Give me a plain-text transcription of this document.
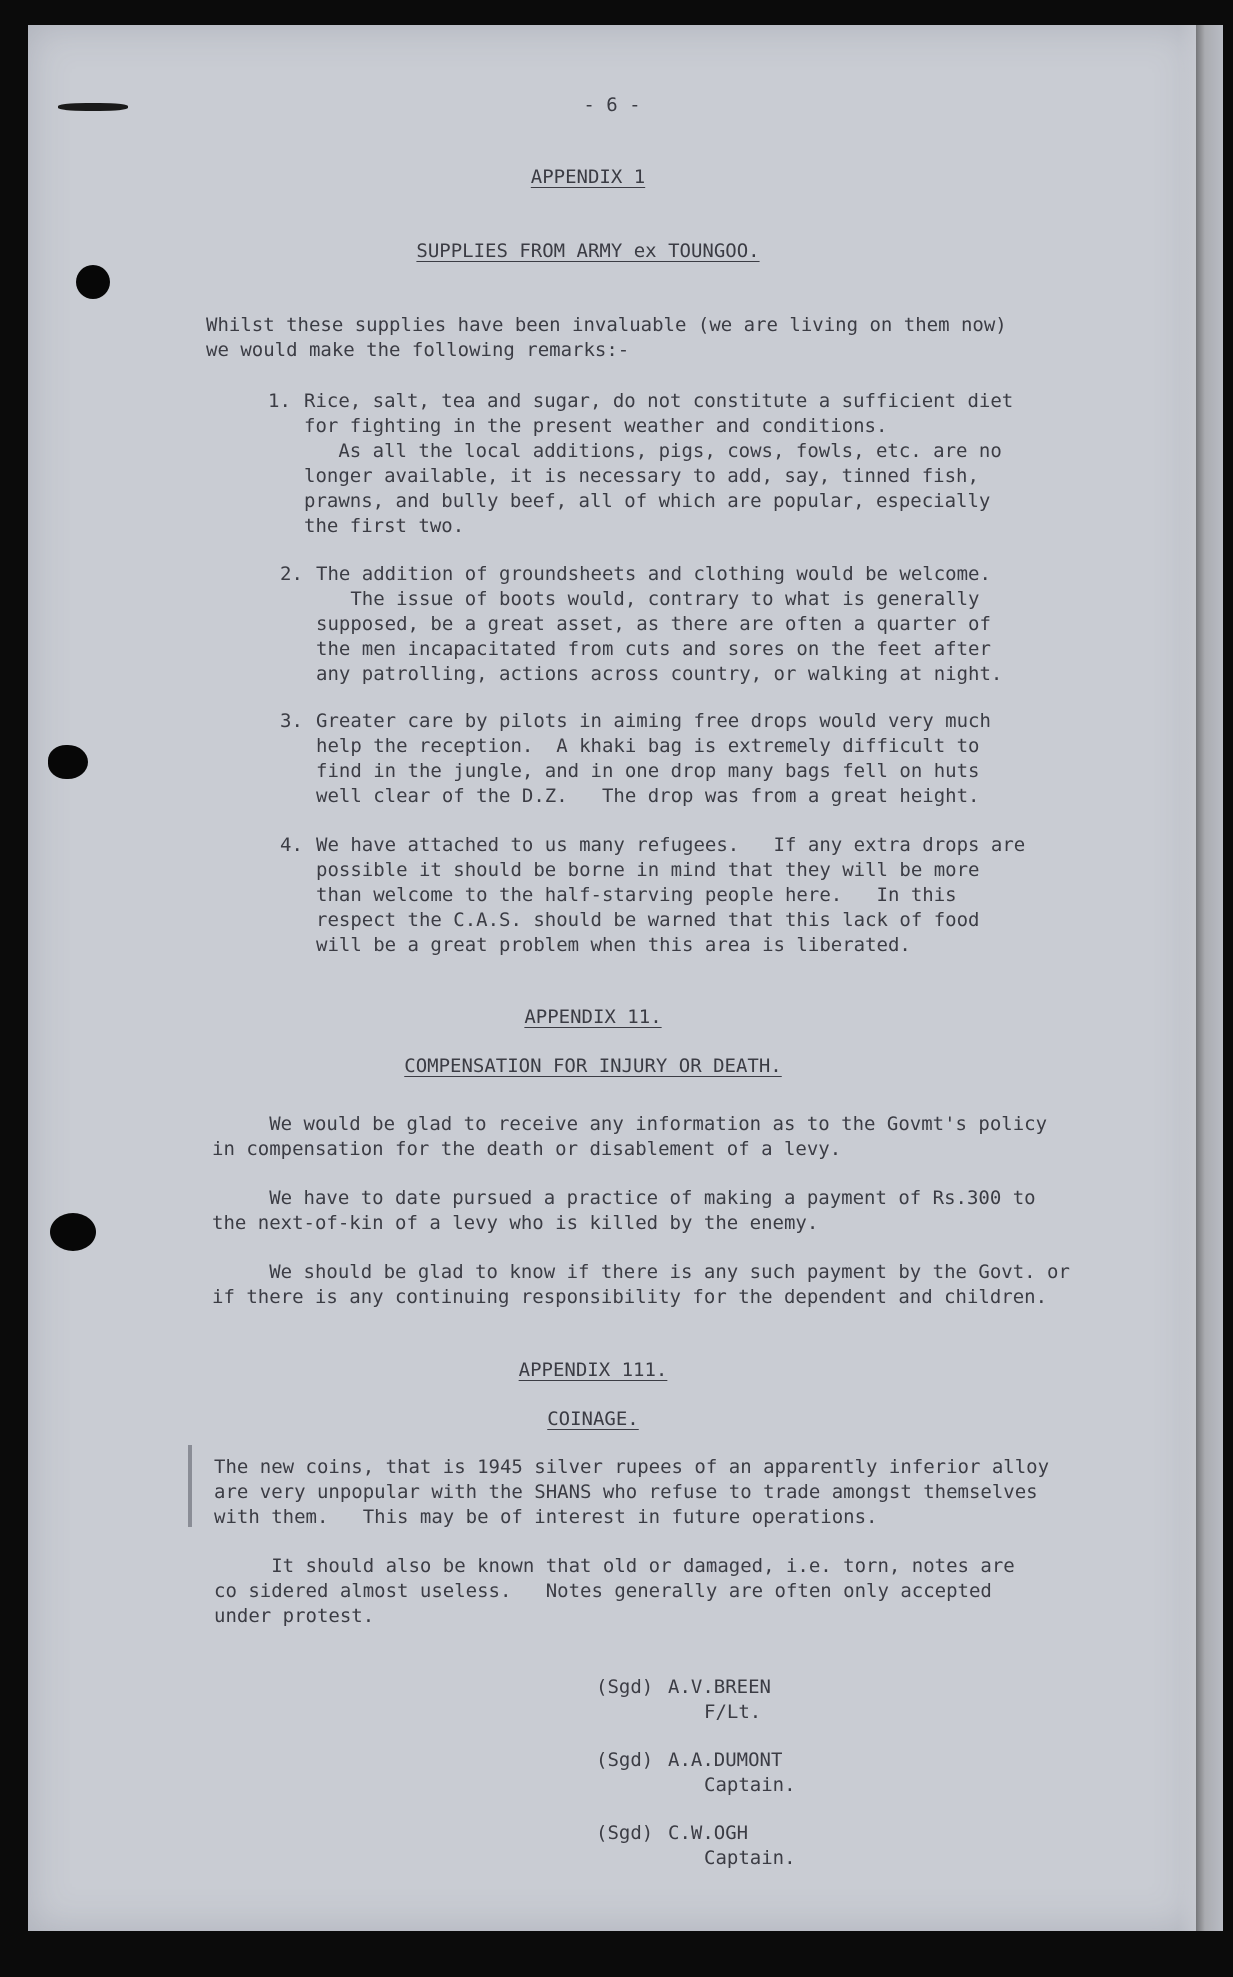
- 6 -
APPENDIX 1
SUPPLIES FROM ARMY ex TOUNGOO.
Whilst these supplies have been invaluable (we are living on them now)
we would make the following remarks:-
1. Rice, salt, tea and sugar, do not constitute a sufficient diet
for fighting in the present weather and conditions.
As all the local additions, pigs, cows, fowls, etc. are no
longer available, it is necessary to add, say, tinned fish,
prawns, and bully beef, all of which are popular, especially
the first two.
2. The addition of groundsheets and clothing would be welcome.
The issue of boots would, contrary to what is generally
supposed, be a great asset, as there are often a quarter of
the men incapacitated from cuts and sores on the feet after
any patrolling, actions across country, or walking at night.
3. Greater care by pilots in aiming free drops would very much
help the reception.  A khaki bag is extremely difficult to
find in the jungle, and in one drop many bags fell on huts
well clear of the D.Z.   The drop was from a great height.
4. We have attached to us many refugees.   If any extra drops are
possible it should be borne in mind that they will be more
than welcome to the half-starving people here.   In this
respect the C.A.S. should be warned that this lack of food
will be a great problem when this area is liberated.
APPENDIX 11.
COMPENSATION FOR INJURY OR DEATH.
We would be glad to receive any information as to the Govmt's policy
in compensation for the death or disablement of a levy.
We have to date pursued a practice of making a payment of Rs.300 to
the next-of-kin of a levy who is killed by the enemy.
We should be glad to know if there is any such payment by the Govt. or
if there is any continuing responsibility for the dependent and children.
APPENDIX 111.
COINAGE.
The new coins, that is 1945 silver rupees of an apparently inferior alloy
are very unpopular with the SHANS who refuse to trade amongst themselves
with them.   This may be of interest in future operations.
It should also be known that old or damaged, i.e. torn, notes are
co sidered almost useless.   Notes generally are often only accepted
under protest.
(Sgd) A.V.BREEN
F/Lt.
(Sgd) A.A.DUMONT
Captain.
(Sgd) C.W.OGH
Captain.
